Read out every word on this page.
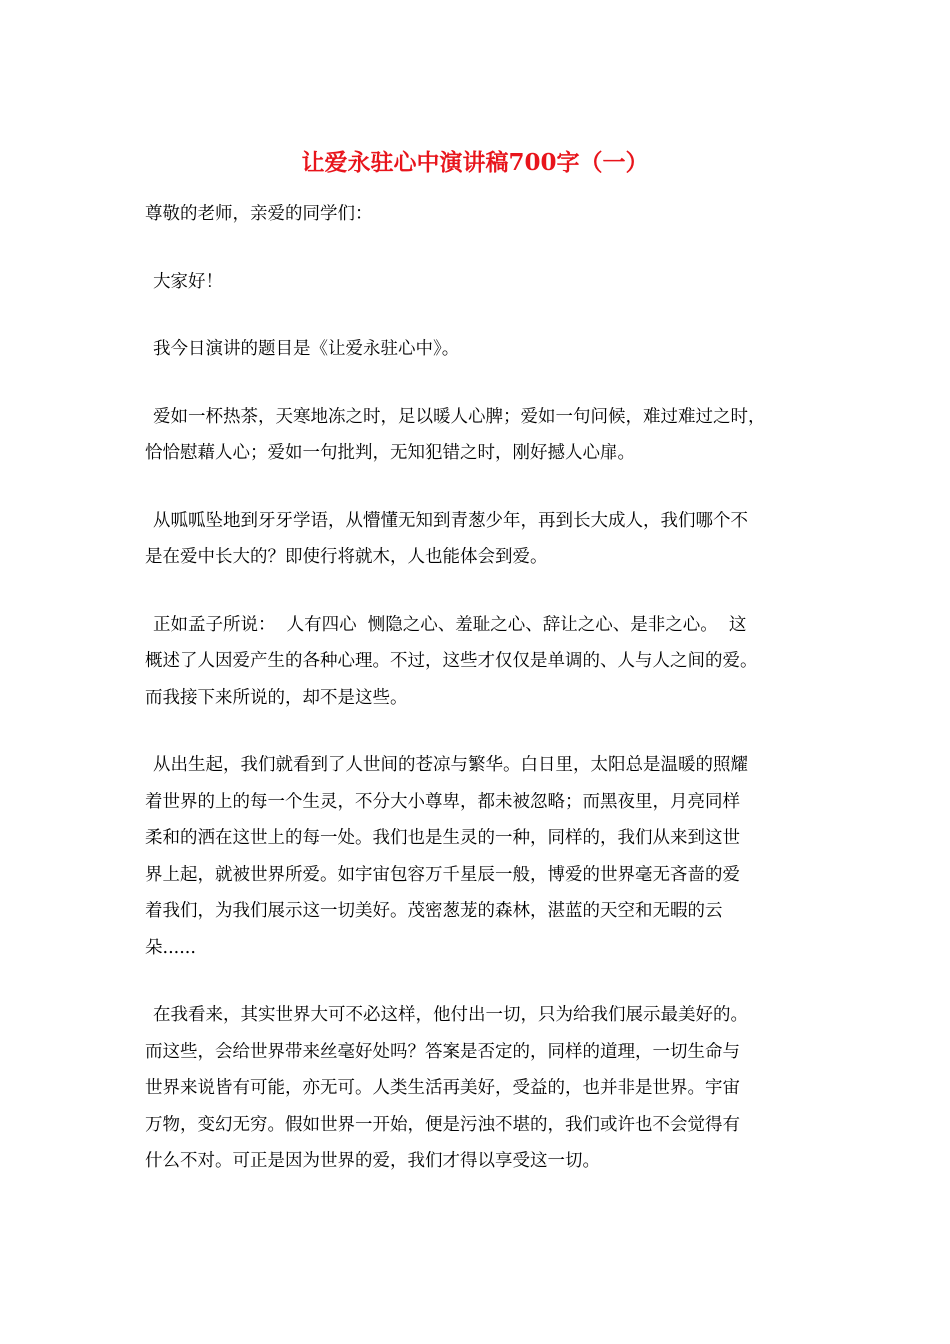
让爱永驻心中演讲稿700字（一）

尊敬的老师，亲爱的同学们：

大家好！

我今日演讲的题目是《让爱永驻心中》。

爱如一杯热茶，天寒地冻之时，足以暖人心脾；爱如一句问候，难过难过之时，

恰恰慰藉人心；爱如一句批判，无知犯错之时，刚好撼人心扉。

从呱呱坠地到牙牙学语，从懵懂无知到青葱少年，再到长大成人，我们哪个不

是在爱中长大的？即使行将就木，人也能体会到爱。

正如孟子所说：  人有四心  恻隐之心、羞耻之心、辞让之心、是非之心。  这

概述了人因爱产生的各种心理。不过，这些才仅仅是单调的、人与人之间的爱。

而我接下来所说的，却不是这些。

从出生起，我们就看到了人世间的苍凉与繁华。白日里，太阳总是温暖的照耀

着世界的上的每一个生灵，不分大小尊卑，都未被忽略；而黑夜里，月亮同样

柔和的洒在这世上的每一处。我们也是生灵的一种，同样的，我们从来到这世

界上起，就被世界所爱。如宇宙包容万千星辰一般，博爱的世界毫无吝啬的爱

着我们，为我们展示这一切美好。茂密葱茏的森林，湛蓝的天空和无暇的云

朵......

在我看来，其实世界大可不必这样，他付出一切，只为给我们展示最美好的。

而这些，会给世界带来丝毫好处吗？答案是否定的，同样的道理，一切生命与

世界来说皆有可能，亦无可。人类生活再美好，受益的，也并非是世界。宇宙

万物，变幻无穷。假如世界一开始，便是污浊不堪的，我们或许也不会觉得有

什么不对。可正是因为世界的爱，我们才得以享受这一切。
